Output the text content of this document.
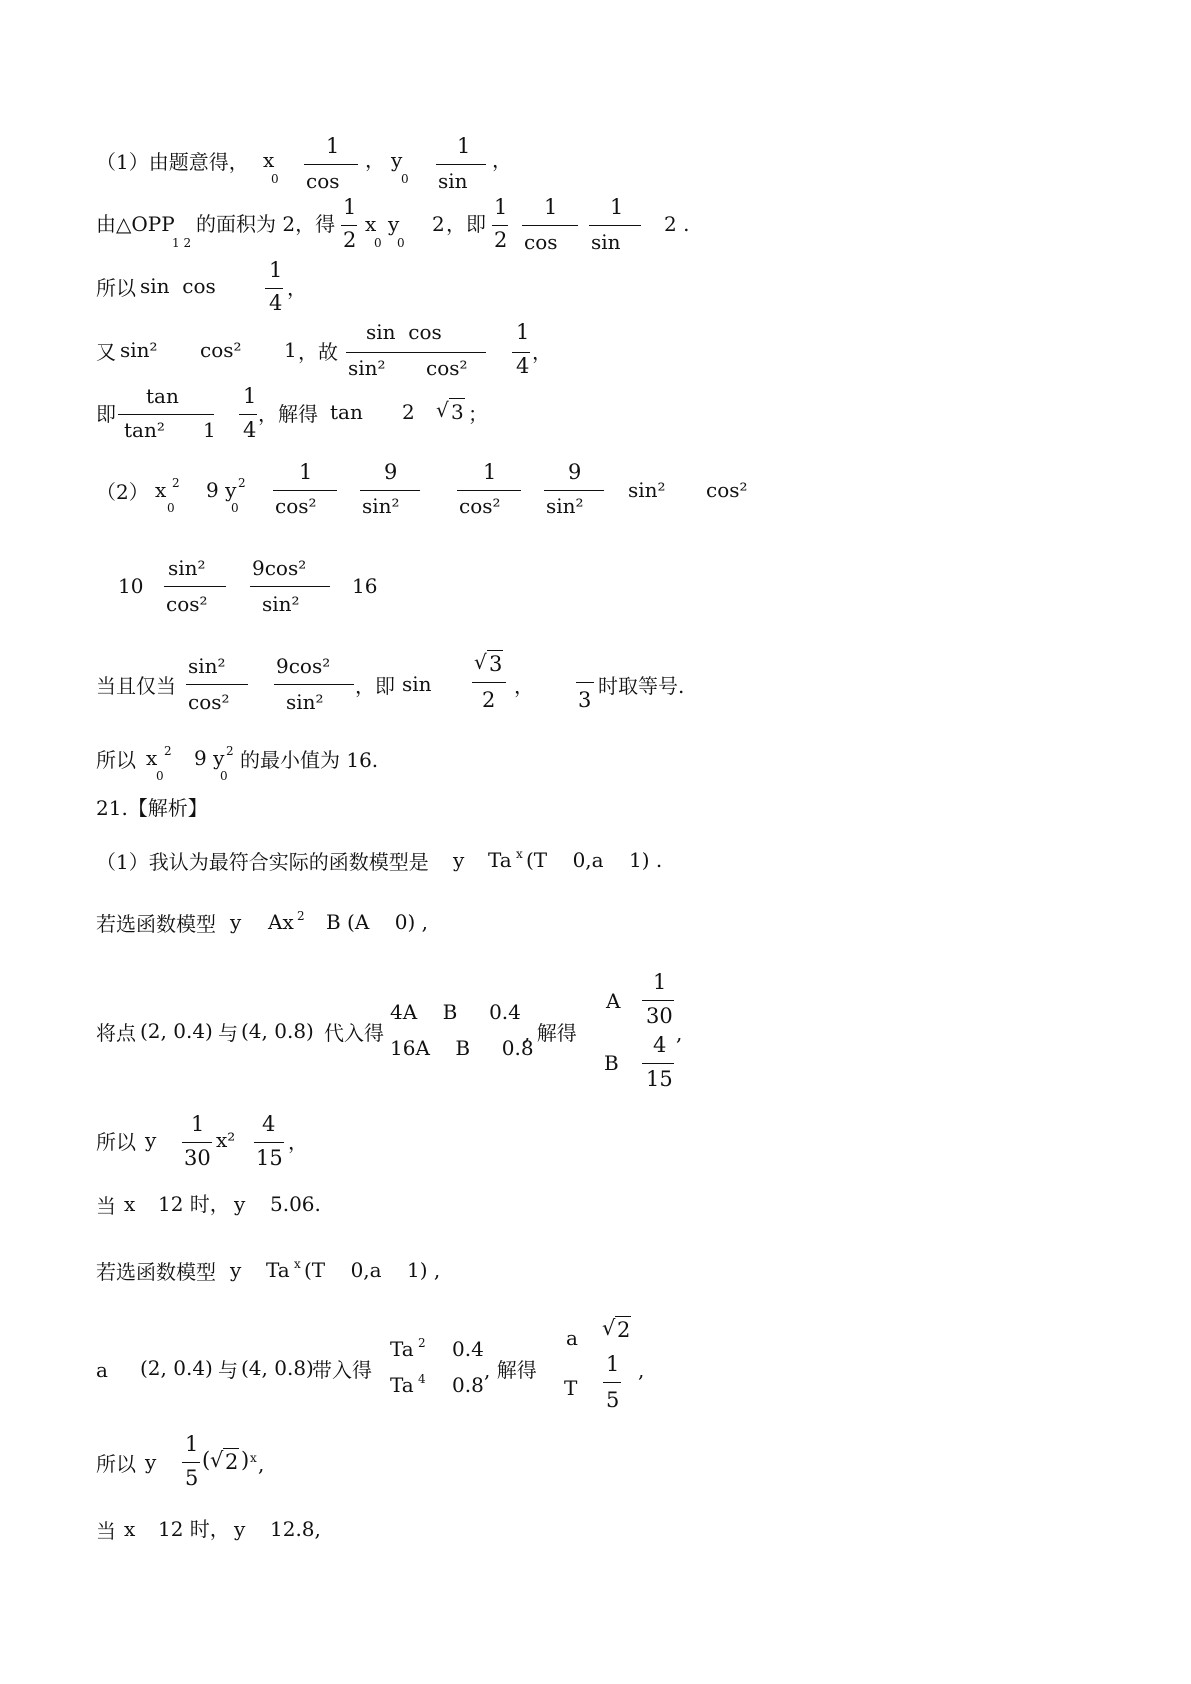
（1）由题意得， x
0
1
cos
， y
0
1
sin
，
由△OPP
1 2
的面积为 2，得
1
2
x
0
y
0
2 ，即
1
2
1
cos
1
sin
2 .
所以 sin  cos
1
4
，
又 sin² cos² 1 ，故
sin  cos
sin² cos²
1
4
，
即
tan
tan² 1
1
4
，解得 tan 2 √ 3 ；
（2） x 2
0
9 y 2
0
1
cos²
9
sin²
1
cos²
9
sin²
sin² cos²
10
sin²
cos²
9cos²
sin²
16
当且仅当
sin²
cos²
9cos²
sin²
，即 sin
√ 3
2
，
3
时取等号.
所以 x 2
0
9 y 2
0
的最小值为 16.
21.【解析】
（1）我认为最符合实际的函数模型是 y Ta x (T    0,a    1) .
若选函数模型 y Ax 2 B (A    0) ,
将点 (2, 0.4) 与 (4, 0.8) 代入得
4A    B     0.4
16A    B     0.8
, 解得
A
1
30
B
4
15
,
所以 y
1
30
x²
4
15
，
当 x 12 时， y 5.06.
若选函数模型 y Ta x (T    0,a    1) ,
a (2, 0.4) 与 (4, 0.8)
带入得
Ta 2 0.4
Ta 4 0.8
, 解得
a √ 2
T
1
5
,
所以 y
1
5
( √ 2 ) x ,
当 x 12 时， y 12.8,
